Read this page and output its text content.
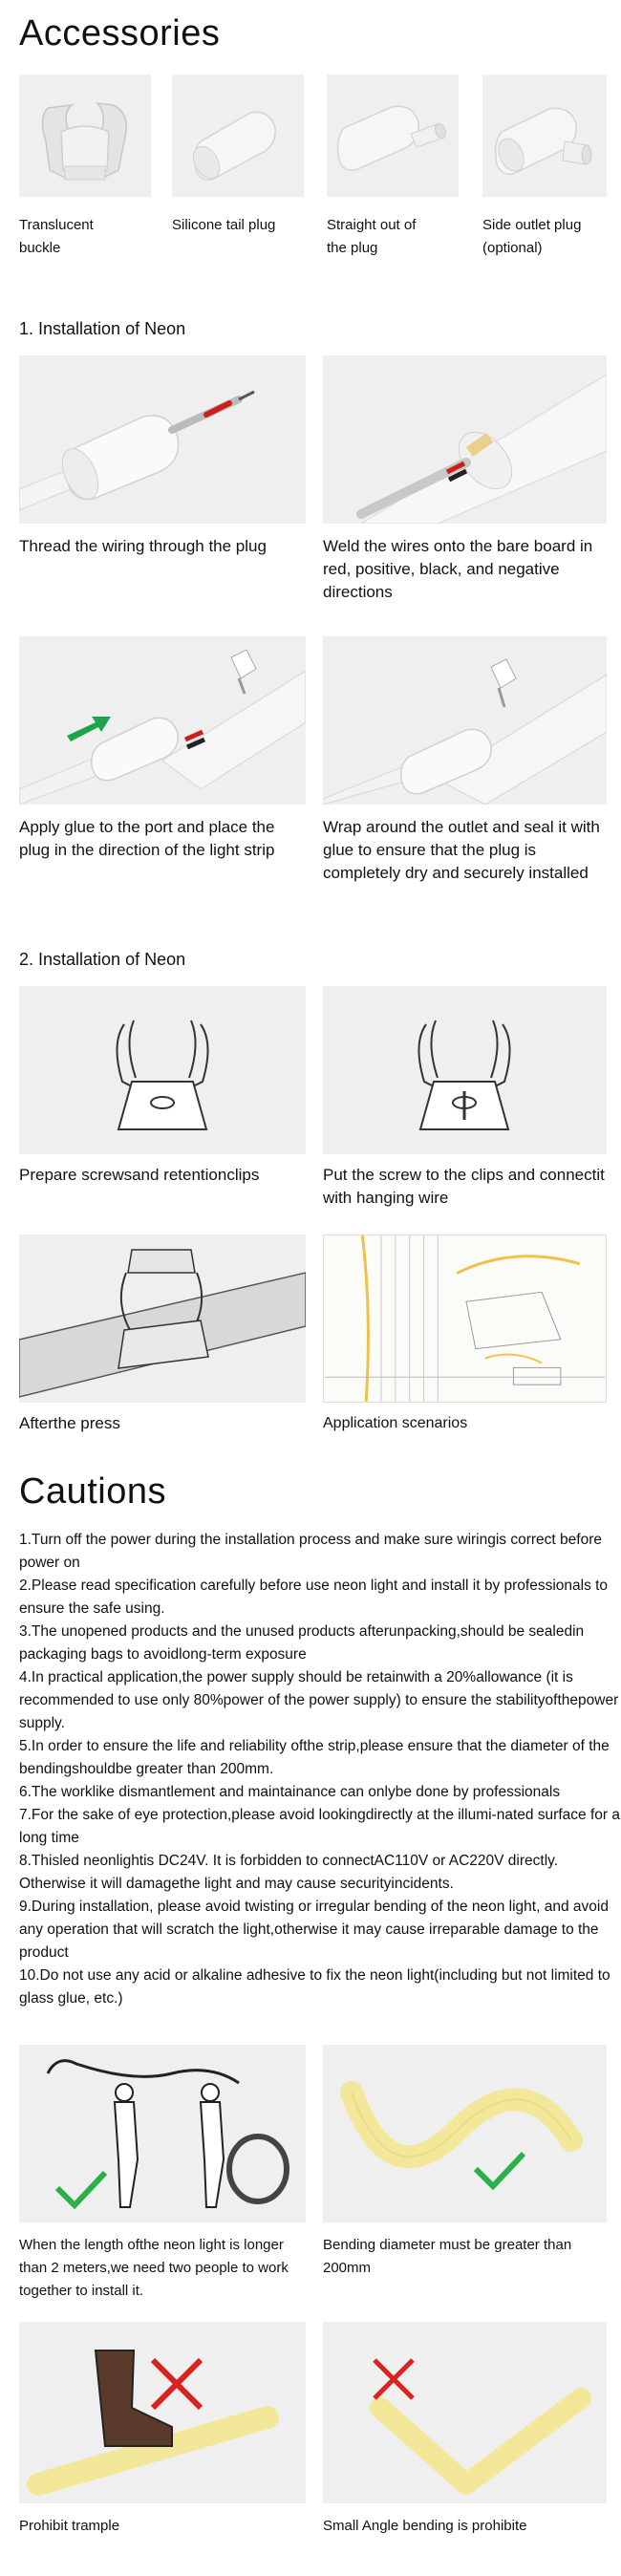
Accessories
Translucent
buckle
Silicone tail plug	Straight out of
the plug
Side outlet plug
(optional)
1. Installation of Neon
Thread the wiring through the plug	Weld the wires onto the bare board in red, positive, black, and negative directions
Apply glue to the port and place the plug in the direction of the light strip
Wrap around the outlet and seal it with glue to ensure that the plug is completely dry and securely installed
2. Installation of Neon
Prepare screwsand retentionclips	Put the screw to the clips and connectit with hanging wire
Afterthe press	Application scenarios
Cautions

1.Turn off the power during the installation process and make sure wiringis correct before power on

2.Please read specification carefully before use neon light and install it by professionals to ensure the safe using.

3.The unopened products and the unused products afterunpacking,should be sealedin packaging bags to avoidlong-term exposure

4.In practical application,the power supply should be retainwith a 20%allowance (it is recommended to use only 80%power of the power supply) to ensure the stabilityofthepower supply.

5.In order to ensure the life and reliability ofthe strip,please ensure that the diameter of the bendingshouldbe greater than 200mm.

6.The worklike dismantlement and maintainance can onlybe done by professionals

7.For the sake of eye protection,please avoid lookingdirectly at the illumi-nated surface for a long time

8.Thisled neonlightis DC24V. It is forbidden to connectAC110V or AC220V directly. Otherwise it will damagethe light and may cause securityincidents.

9.During installation, please avoid twisting or irregular bending of the neon light, and avoid any operation that will scratch the light,otherwise it may cause irreparable damage to the product

10.Do not use any acid or alkaline adhesive to fix the neon light(including but not limited to glass glue, etc.)

When the length ofthe neon light is longer than 2 meters,we need two people to work together to install it.
Bending diameter must be greater than 200mm
Prohibit trample	Small Angle bending is prohibite
